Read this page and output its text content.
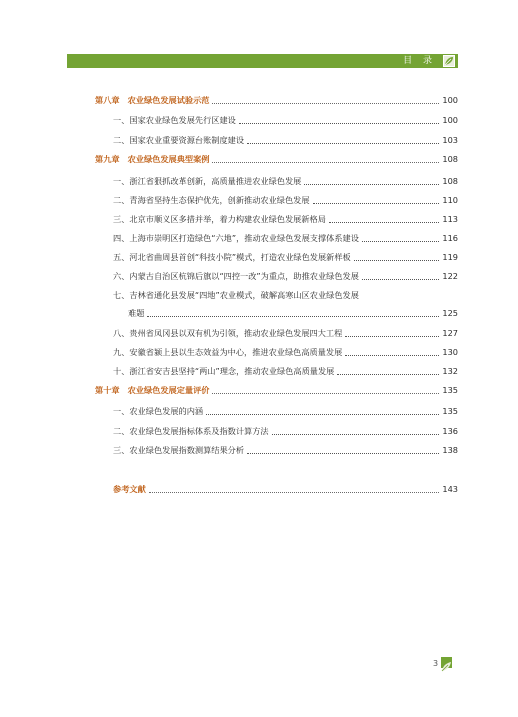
目 录
第八章 农业绿色发展试验示范	100
一、国家农业绿色发展先行区建设	100
二、国家农业重要资源台账制度建设	103
第九章 农业绿色发展典型案例	108
一、浙江省狠抓改革创新，高质量推进农业绿色发展	108
二、青海省坚持生态保护优先，创新推动农业绿色发展	110
三、北京市顺义区多措并举，着力构建农业绿色发展新格局	113
四、上海市崇明区打造绿色“六地”，推动农业绿色发展支撑体系建设	116
五、河北省曲周县首创“科技小院”模式，打造农业绿色发展新样板	119
六、内蒙古自治区杭锦后旗以“四控一改”为重点，助推农业绿色发展	122
七、吉林省通化县发展“四地”农业模式，破解高寒山区农业绿色发展
难题	125
八、贵州省凤冈县以双有机为引领，推动农业绿色发展四大工程	127
九、安徽省颍上县以生态效益为中心，推进农业绿色高质量发展	130
十、浙江省安吉县坚持“两山”理念，推动农业绿色高质量发展	132
第十章 农业绿色发展定量评价	135
一、农业绿色发展的内涵	135
二、农业绿色发展指标体系及指数计算方法	136
三、农业绿色发展指数测算结果分析	138
参考文献	143
3
